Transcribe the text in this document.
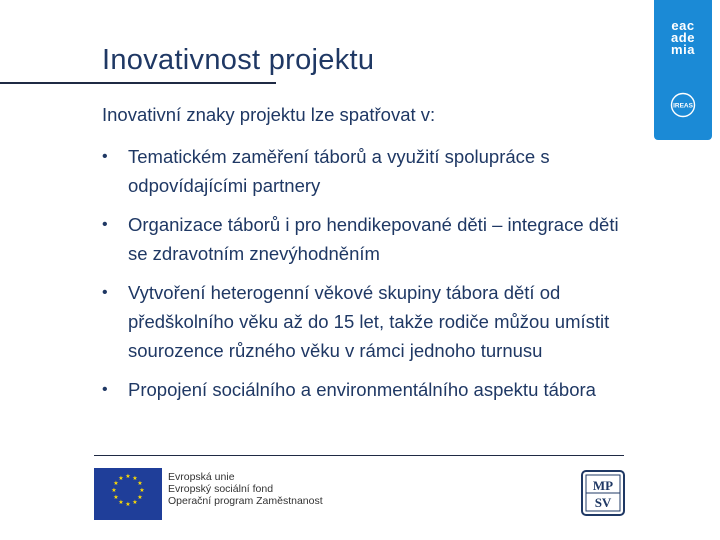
eac
ade
mia
IREAS
Inovativnost projektu
Inovativní znaky projektu lze spatřovat v:
• Tematickém zaměření táborů a využití spolupráce s odpovídajícími partnery
• Organizace táborů i pro hendikepované děti – integrace děti se zdravotním znevýhodněním
• Vytvoření heterogenní věkové skupiny tábora dětí od předškolního věku až do 15 let, takže rodiče můžou umístit sourozence různého věku v rámci jednoho turnusu
• Propojení sociálního a environmentálního aspektu tábora
★ ★
★
★
★
★
★
★
★
★
★
★	Evropská unie
Evropský sociální fond
Operační program Zaměstnanost
MP
SV
